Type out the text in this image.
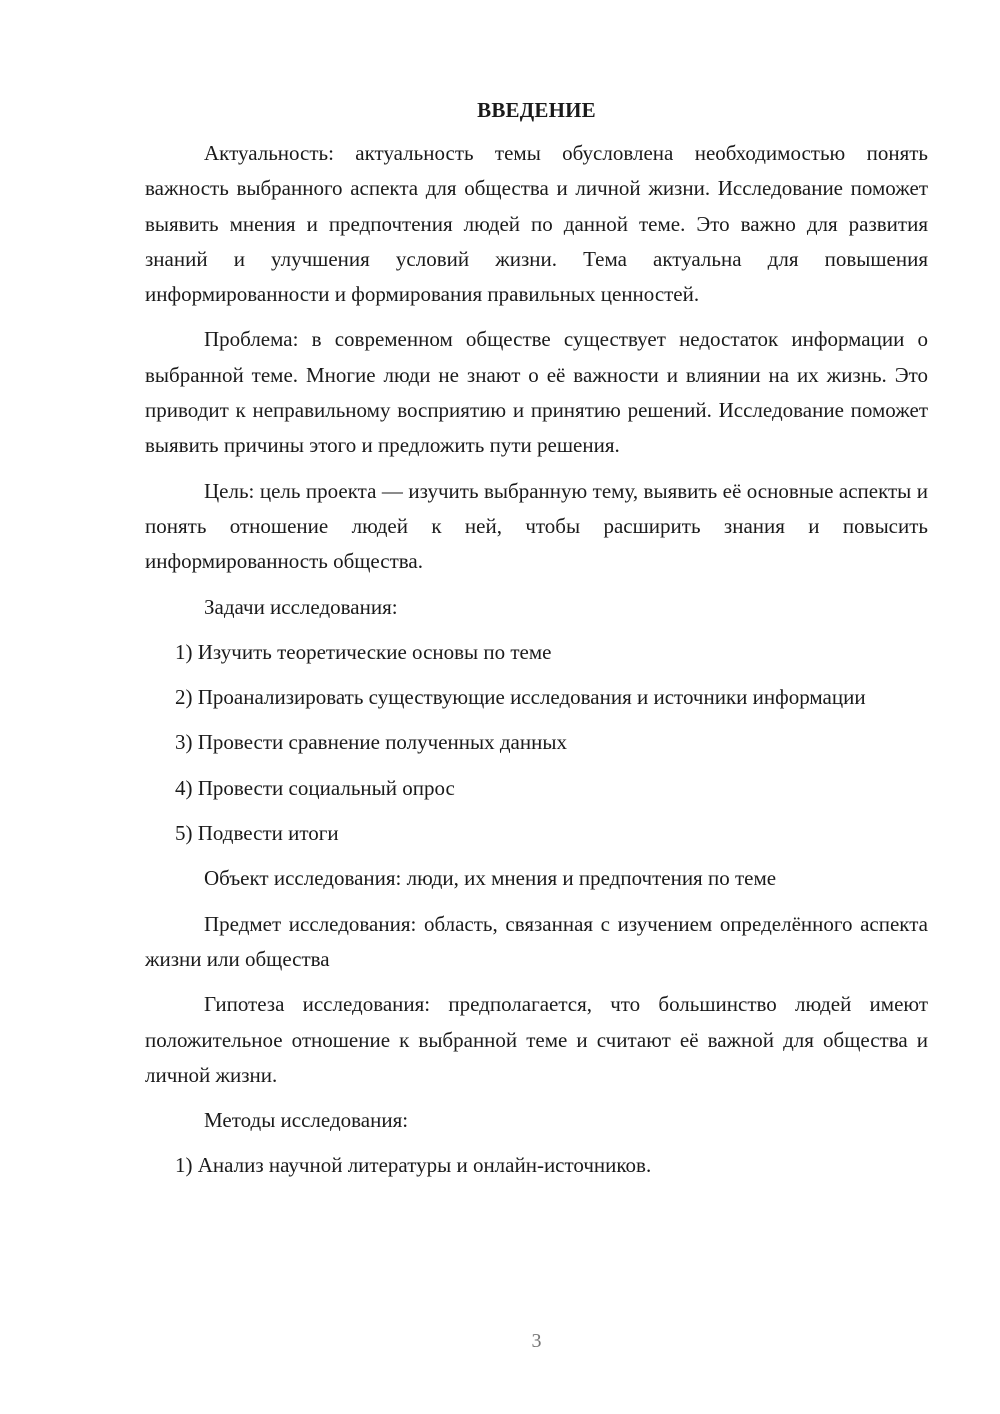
ВВЕДЕНИЕ

Актуальность: актуальность темы обусловлена необходимостью понять важность выбранного аспекта для общества и личной жизни. Исследование поможет выявить мнения и предпочтения людей по данной теме. Это важно для развития знаний и улучшения условий жизни. Тема актуальна для повышения информированности и формирования правильных ценностей.

Проблема: в современном обществе существует недостаток информации о выбранной теме. Многие люди не знают о её важности и влиянии на их жизнь. Это приводит к неправильному восприятию и принятию решений. Исследование поможет выявить причины этого и предложить пути решения.

Цель: цель проекта — изучить выбранную тему, выявить её основные аспекты и понять отношение людей к ней, чтобы расширить знания и повысить информированность общества.

Задачи исследования:

1) Изучить теоретические основы по теме

2) Проанализировать существующие исследования и источники информации

3) Провести сравнение полученных данных

4) Провести социальный опрос

5) Подвести итоги

Объект исследования: люди, их мнения и предпочтения по теме

Предмет исследования: область, связанная с изучением определённого аспекта жизни или общества

Гипотеза исследования: предполагается, что большинство людей имеют положительное отношение к выбранной теме и считают её важной для общества и личной жизни.

Методы исследования:

1) Анализ научной литературы и онлайн-источников.

3
